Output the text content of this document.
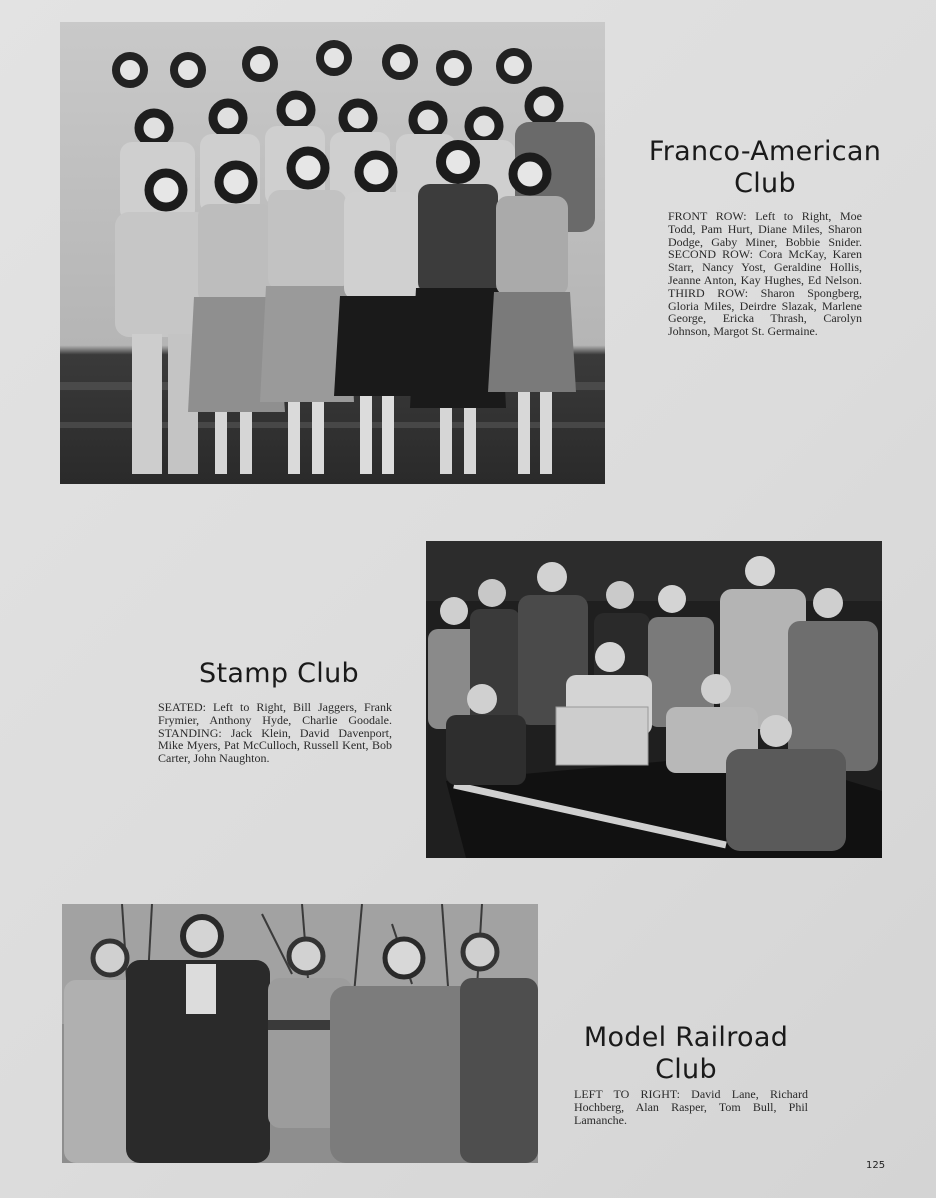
Franco-American
Club
FRONT ROW: Left to Right, Moe Todd, Pam Hurt, Diane Miles, Sharon Dodge, Gaby Miner, Bobbie Snider. SECOND ROW: Cora McKay, Karen Starr, Nancy Yost, Geraldine Hollis, Jeanne Anton, Kay Hughes, Ed Nelson. THIRD ROW: Sharon Spongberg, Gloria Miles, Deirdre Slazak, Marlene George, Ericka Thrash, Carolyn Johnson, Margot St. Germaine.
Stamp Club
SEATED: Left to Right, Bill Jaggers, Frank Frymier, Anthony Hyde, Charlie Goodale. STANDING: Jack Klein, David Davenport, Mike Myers, Pat McCulloch, Russell Kent, Bob Carter, John Naughton.
Model Railroad
Club
LEFT TO RIGHT: David Lane, Richard Hochberg, Alan Rasper, Tom Bull, Phil Lamanche.
125
